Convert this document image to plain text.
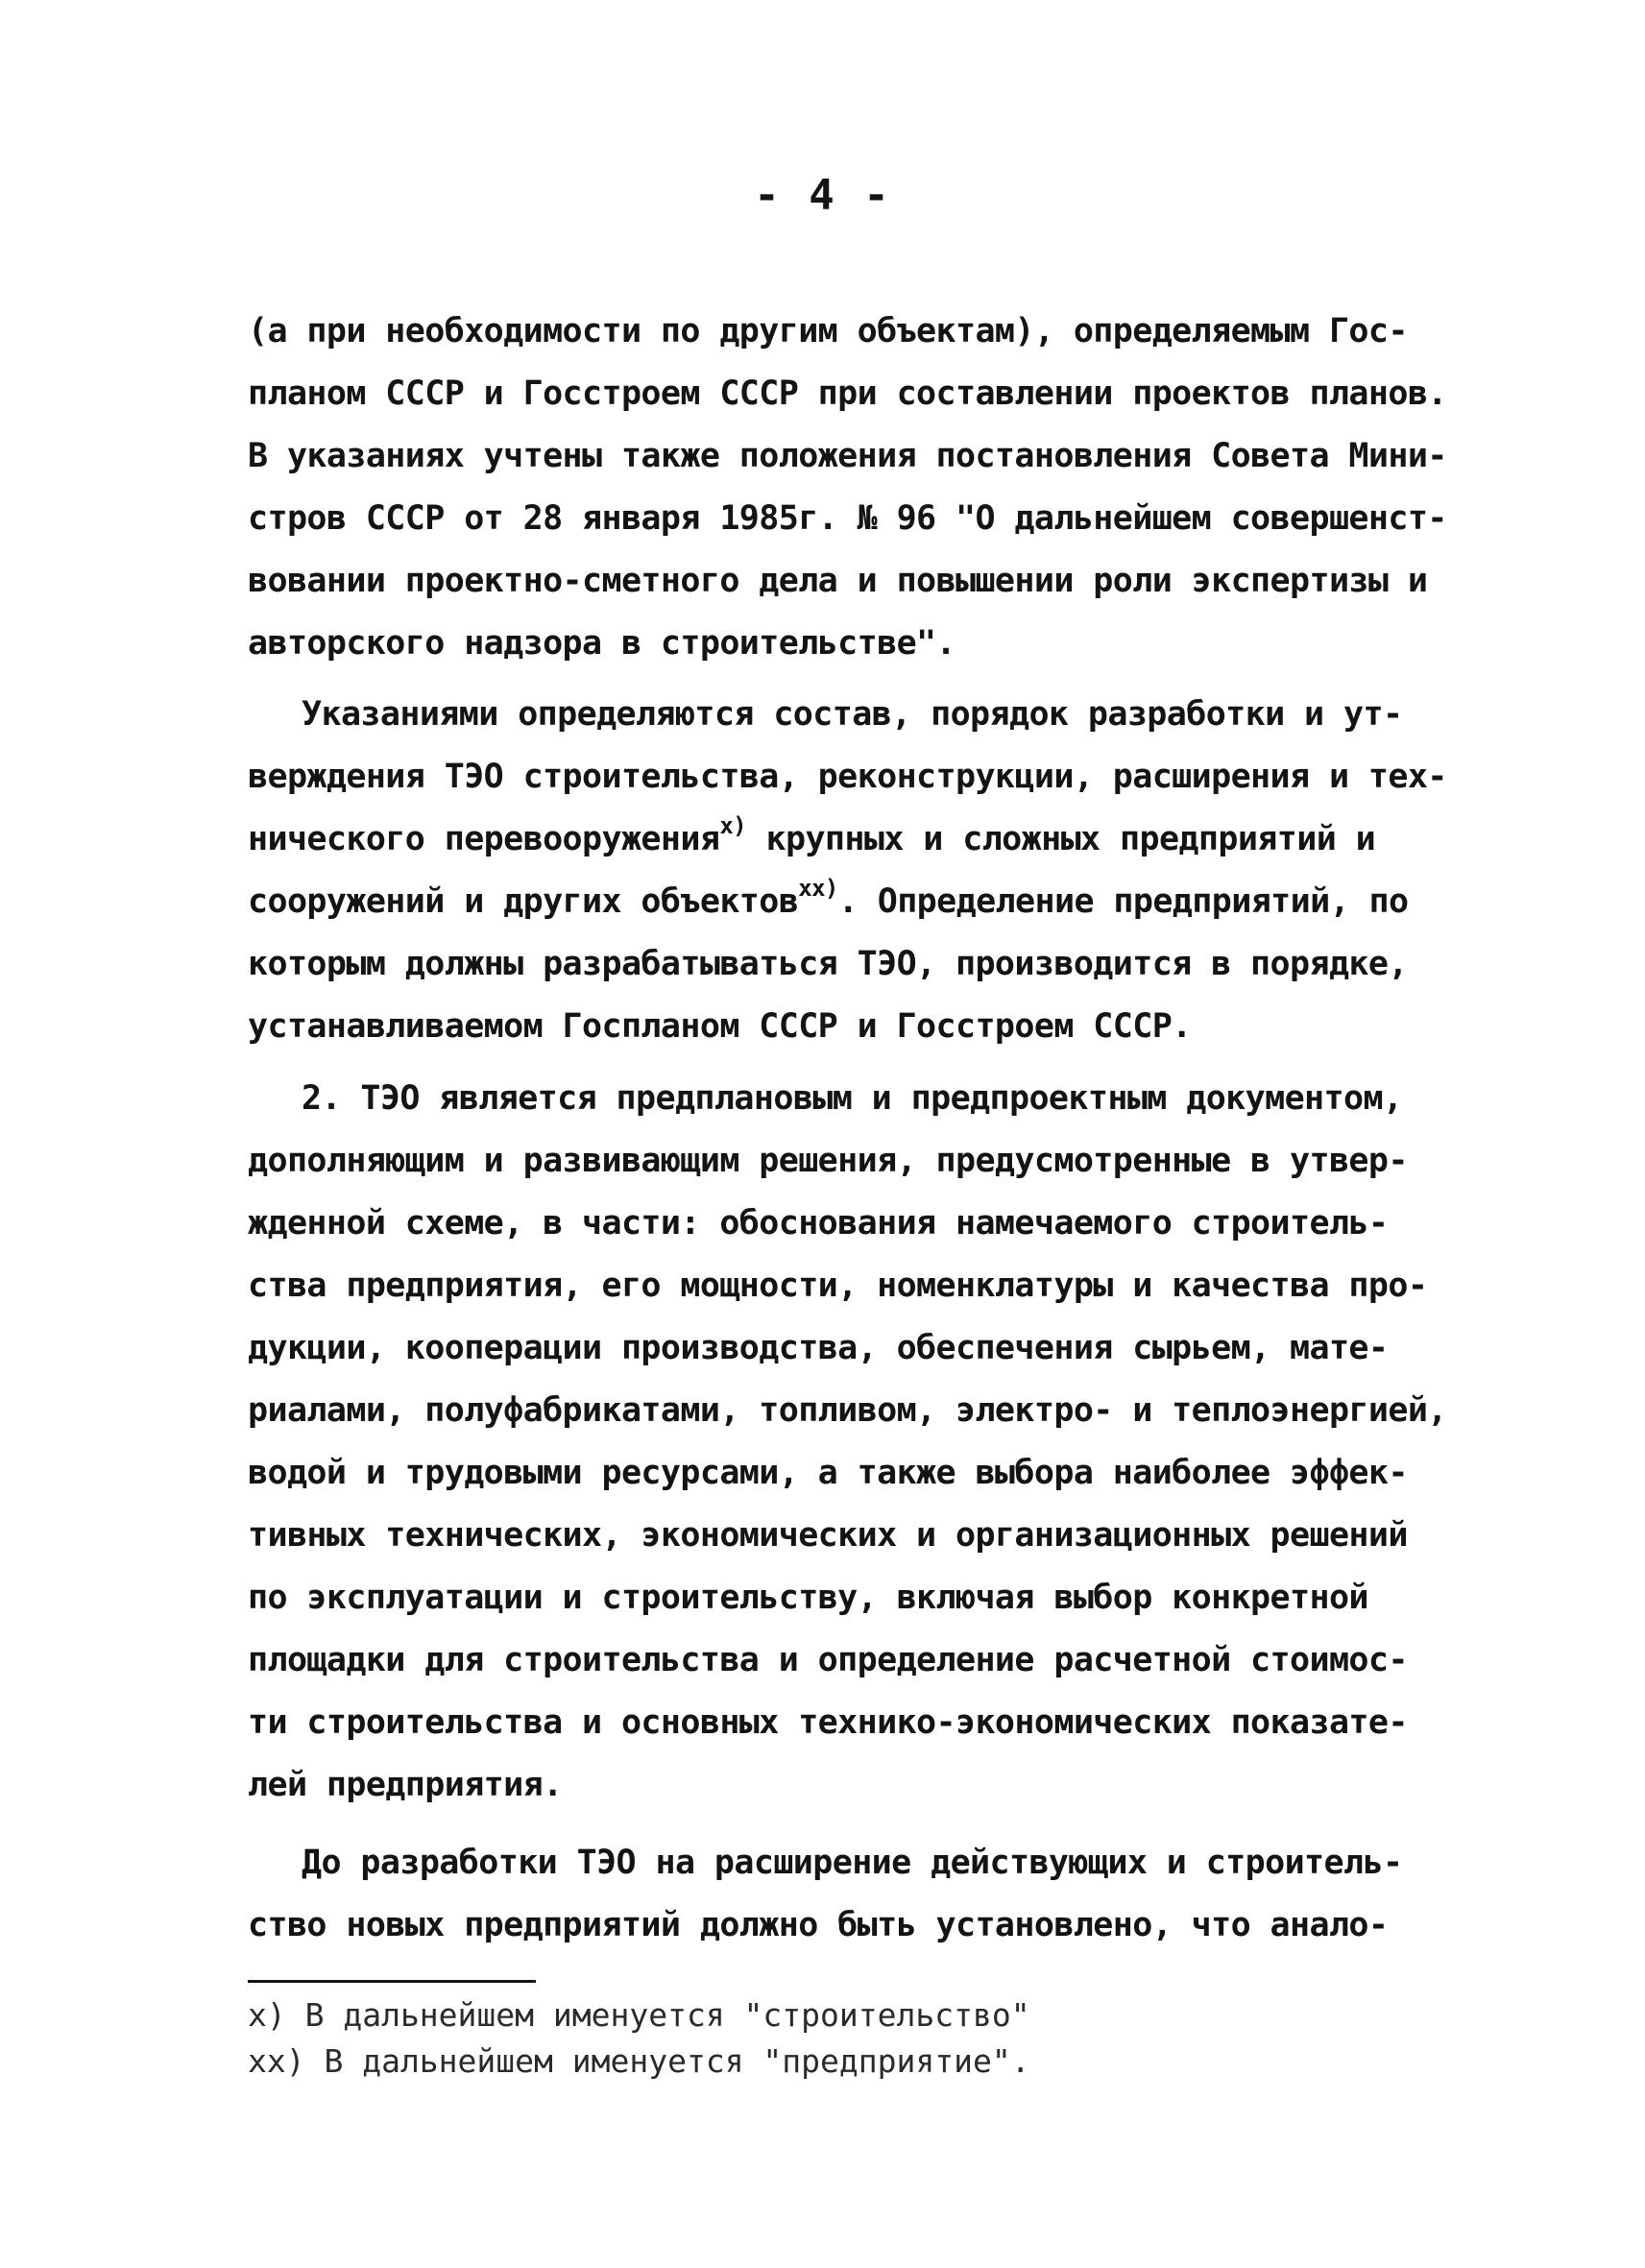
- 4 -
(а при необходимости по другим объектам), определяемым Гос-
планом СССР и Госстроем СССР при составлении проектов планов.
В указаниях учтены также положения постановления Совета Мини-
стров СССР от 28 января 1985г. № 96 "О дальнейшем совершенст-
вовании проектно-сметного дела и повышении роли экспертизы и
авторского надзора в строительстве".
Указаниями определяются состав, порядок разработки и ут-
верждения ТЭО строительства, реконструкции, расширения и тех-
нического перевооружения$^{x)}$ крупных и сложных предприятий и
сооружений и других объектов$^{xx)}$. Определение предприятий, по
которым должны разрабатываться ТЭО, производится в порядке,
устанавливаемом Госпланом СССР и Госстроем СССР.
2. ТЭО является предплановым и предпроектным документом,
дополняющим и развивающим решения, предусмотренные в утвер-
жденной схеме, в части: обоснования намечаемого строитель-
ства предприятия, его мощности, номенклатуры и качества про-
дукции, кооперации производства, обеспечения сырьем, мате-
риалами, полуфабрикатами, топливом, электро- и теплоэнергией,
водой и трудовыми ресурсами, а также выбора наиболее эффек-
тивных технических, экономических и организационных решений
по эксплуатации и строительству, включая выбор конкретной
площадки для строительства и определение расчетной стоимос-
ти строительства и основных технико-экономических показате-
лей предприятия.
До разработки ТЭО на расширение действующих и строитель-
ство новых предприятий должно быть установлено, что анало-
x) В дальнейшем именуется "строительство"
xx) В дальнейшем именуется "предприятие".
